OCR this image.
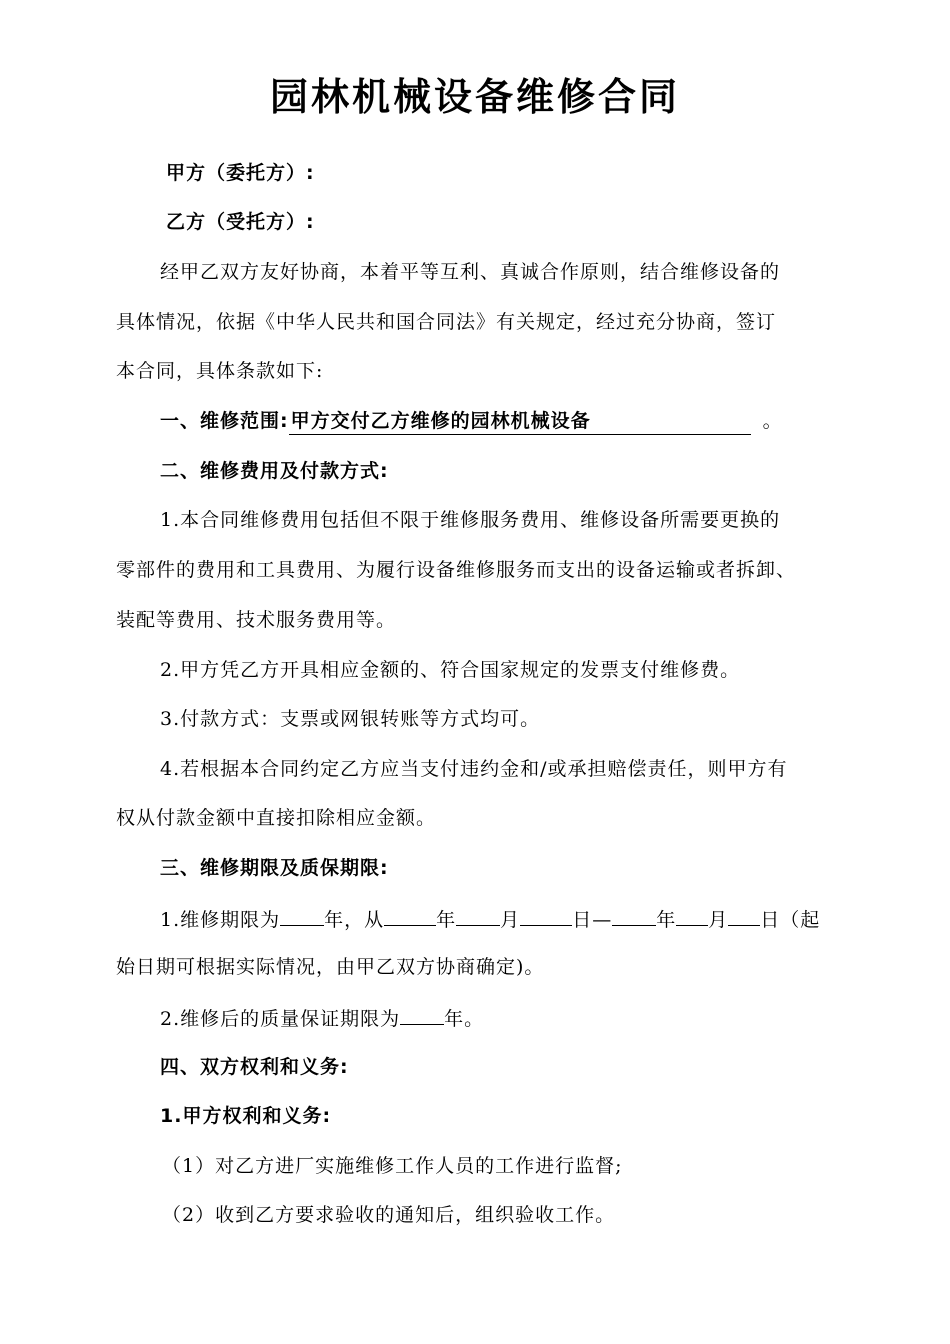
园林机械设备维修合同
甲方（委托方）:
乙方（受托方）:
经甲乙双方友好协商，本着平等互利、真诚合作原则，结合维修设备的
具体情况，依据《中华人民共和国合同法》有关规定，经过充分协商，签订
本合同，具体条款如下:
一、维修范围: 甲方交付乙方维修的园林机械设备	。
二、维修费用及付款方式:
1.本合同维修费用包括但不限于维修服务费用、维修设备所需要更换的
零部件的费用和工具费用、为履行设备维修服务而支出的设备运输或者拆卸、
装配等费用、技术服务费用等。
2.甲方凭乙方开具相应金额的、符合国家规定的发票支付维修费。
3.付款方式：支票或网银转账等方式均可。
4.若根据本合同约定乙方应当支付违约金和/或承担赔偿责任，则甲方有
权从付款金额中直接扣除相应金额。
三、维修期限及质保期限:
1.维修期限为 年，从	年 月	日— 年 月 日（起
始日期可根据实际情况，由甲乙双方协商确定)。
2.维修后的质量保证期限为 年。
四、双方权利和义务:
1.甲方权利和义务:
（1）对乙方进厂实施维修工作人员的工作进行监督;
（2）收到乙方要求验收的通知后，组织验收工作。
